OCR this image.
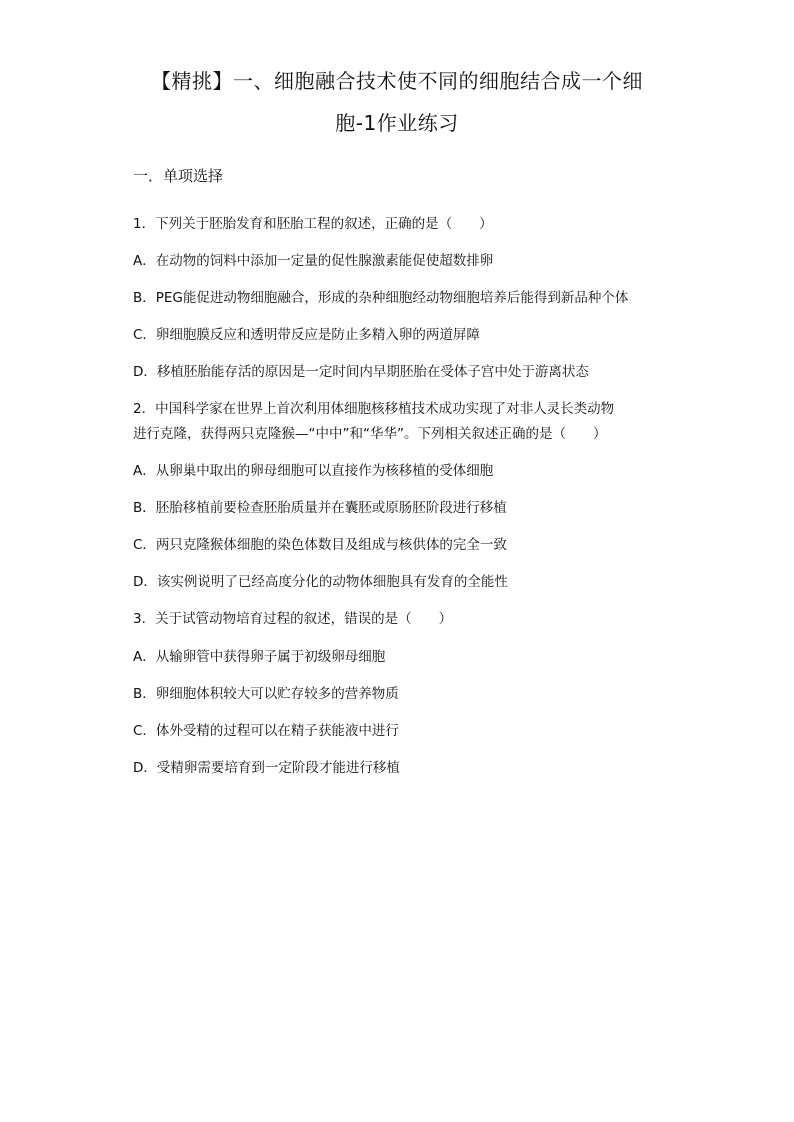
【精挑】一、细胞融合技术使不同的细胞结合成一个细
胞-1作业练习
一．单项选择
1．下列关于胚胎发育和胚胎工程的叙述，正确的是（　　）
A．在动物的饲料中添加一定量的促性腺激素能促使超数排卵
B．PEG能促进动物细胞融合，形成的杂种细胞经动物细胞培养后能得到新品种个体
C．卵细胞膜反应和透明带反应是防止多精入卵的两道屏障
D．移植胚胎能存活的原因是一定时间内早期胚胎在受体子宫中处于游离状态
2．中国科学家在世界上首次利用体细胞核移植技术成功实现了对非人灵长类动物
进行克隆，获得两只克隆猴—“中中”和“华华”。下列相关叙述正确的是（　　）
A．从卵巢中取出的卵母细胞可以直接作为核移植的受体细胞
B．胚胎移植前要检查胚胎质量并在囊胚或原肠胚阶段进行移植
C．两只克隆猴体细胞的染色体数目及组成与核供体的完全一致
D．该实例说明了已经高度分化的动物体细胞具有发育的全能性
3．关于试管动物培育过程的叙述，错误的是（　　）
A．从输卵管中获得卵子属于初级卵母细胞
B．卵细胞体积较大可以贮存较多的营养物质
C．体外受精的过程可以在精子获能液中进行
D．受精卵需要培育到一定阶段才能进行移植
